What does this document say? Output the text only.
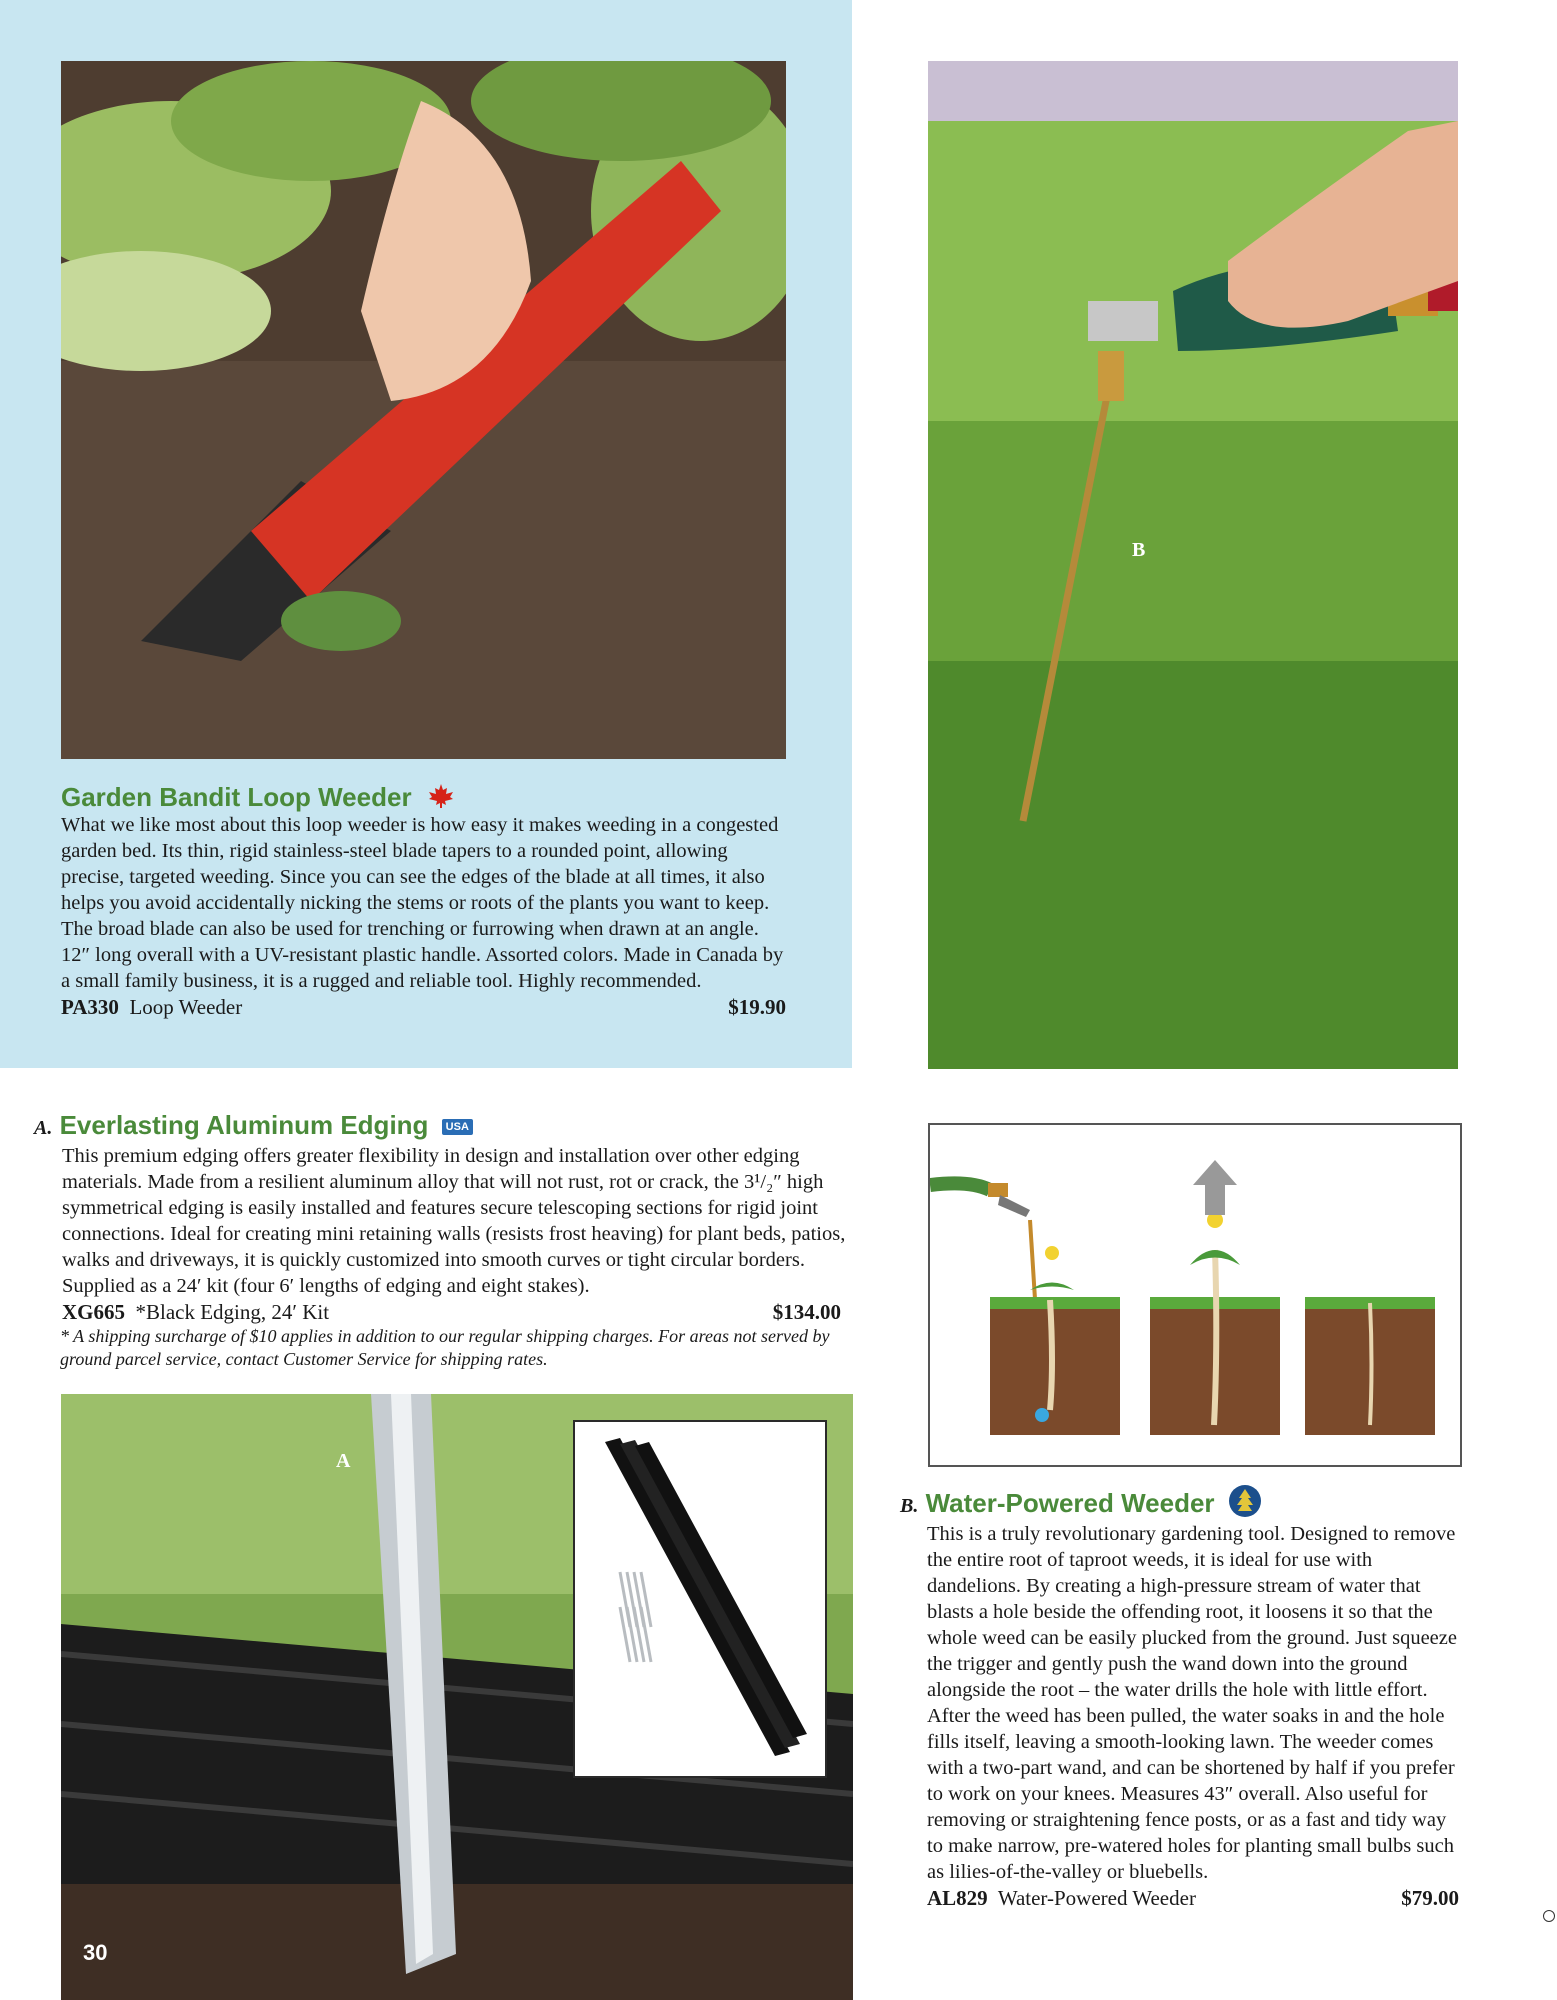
Garden Bandit Loop Weeder
What we like most about this loop weeder is how easy it makes weeding in a congested garden bed. Its thin, rigid stainless-steel blade tapers to a rounded point, allowing precise, targeted weeding. Since you can see the edges of the blade at all times, it also helps you avoid accidentally nicking the stems or roots of the plants you want to keep. The broad blade can also be used for trenching or furrowing when drawn at an angle. 12″ long overall with a UV-resistant plastic handle. Assorted colors. Made in Canada by a small family business, it is a rugged and reliable tool. Highly recommended.
PA330 Loop Weeder	$19.90
B
A. Everlasting Aluminum Edging USA
This premium edging offers greater flexibility in design and installation over other edging materials. Made from a resilient aluminum alloy that will not rust, rot or crack, the 3¹/₂″ high symmetrical edging is easily installed and features secure telescoping sections for rigid joint connections. Ideal for creating mini retaining walls (resists frost heaving) for plant beds, patios, walks and driveways, it is quickly customized into smooth curves or tight circular borders. Supplied as a 24′ kit (four 6′ lengths of edging and eight stakes).
XG665 *Black Edging, 24′ Kit	$134.00
* A shipping surcharge of $10 applies in addition to our regular shipping charges. For areas not served by ground parcel service, contact Customer Service for shipping rates.
A
30
B. Water-Powered Weeder
This is a truly revolutionary gardening tool. Designed to remove the entire root of taproot weeds, it is ideal for use with dandelions. By creating a high-pressure stream of water that blasts a hole beside the offending root, it loosens it so that the whole weed can be easily plucked from the ground. Just squeeze the trigger and gently push the wand down into the ground alongside the root – the water drills the hole with little effort. After the weed has been pulled, the water soaks in and the hole fills itself, leaving a smooth-looking lawn. The weeder comes with a two-part wand, and can be shortened by half if you prefer to work on your knees. Measures 43″ overall. Also useful for removing or straightening fence posts, or as a fast and tidy way to make narrow, pre-watered holes for planting small bulbs such as lilies-of-the-valley or bluebells.
AL829 Water-Powered Weeder	$79.00
